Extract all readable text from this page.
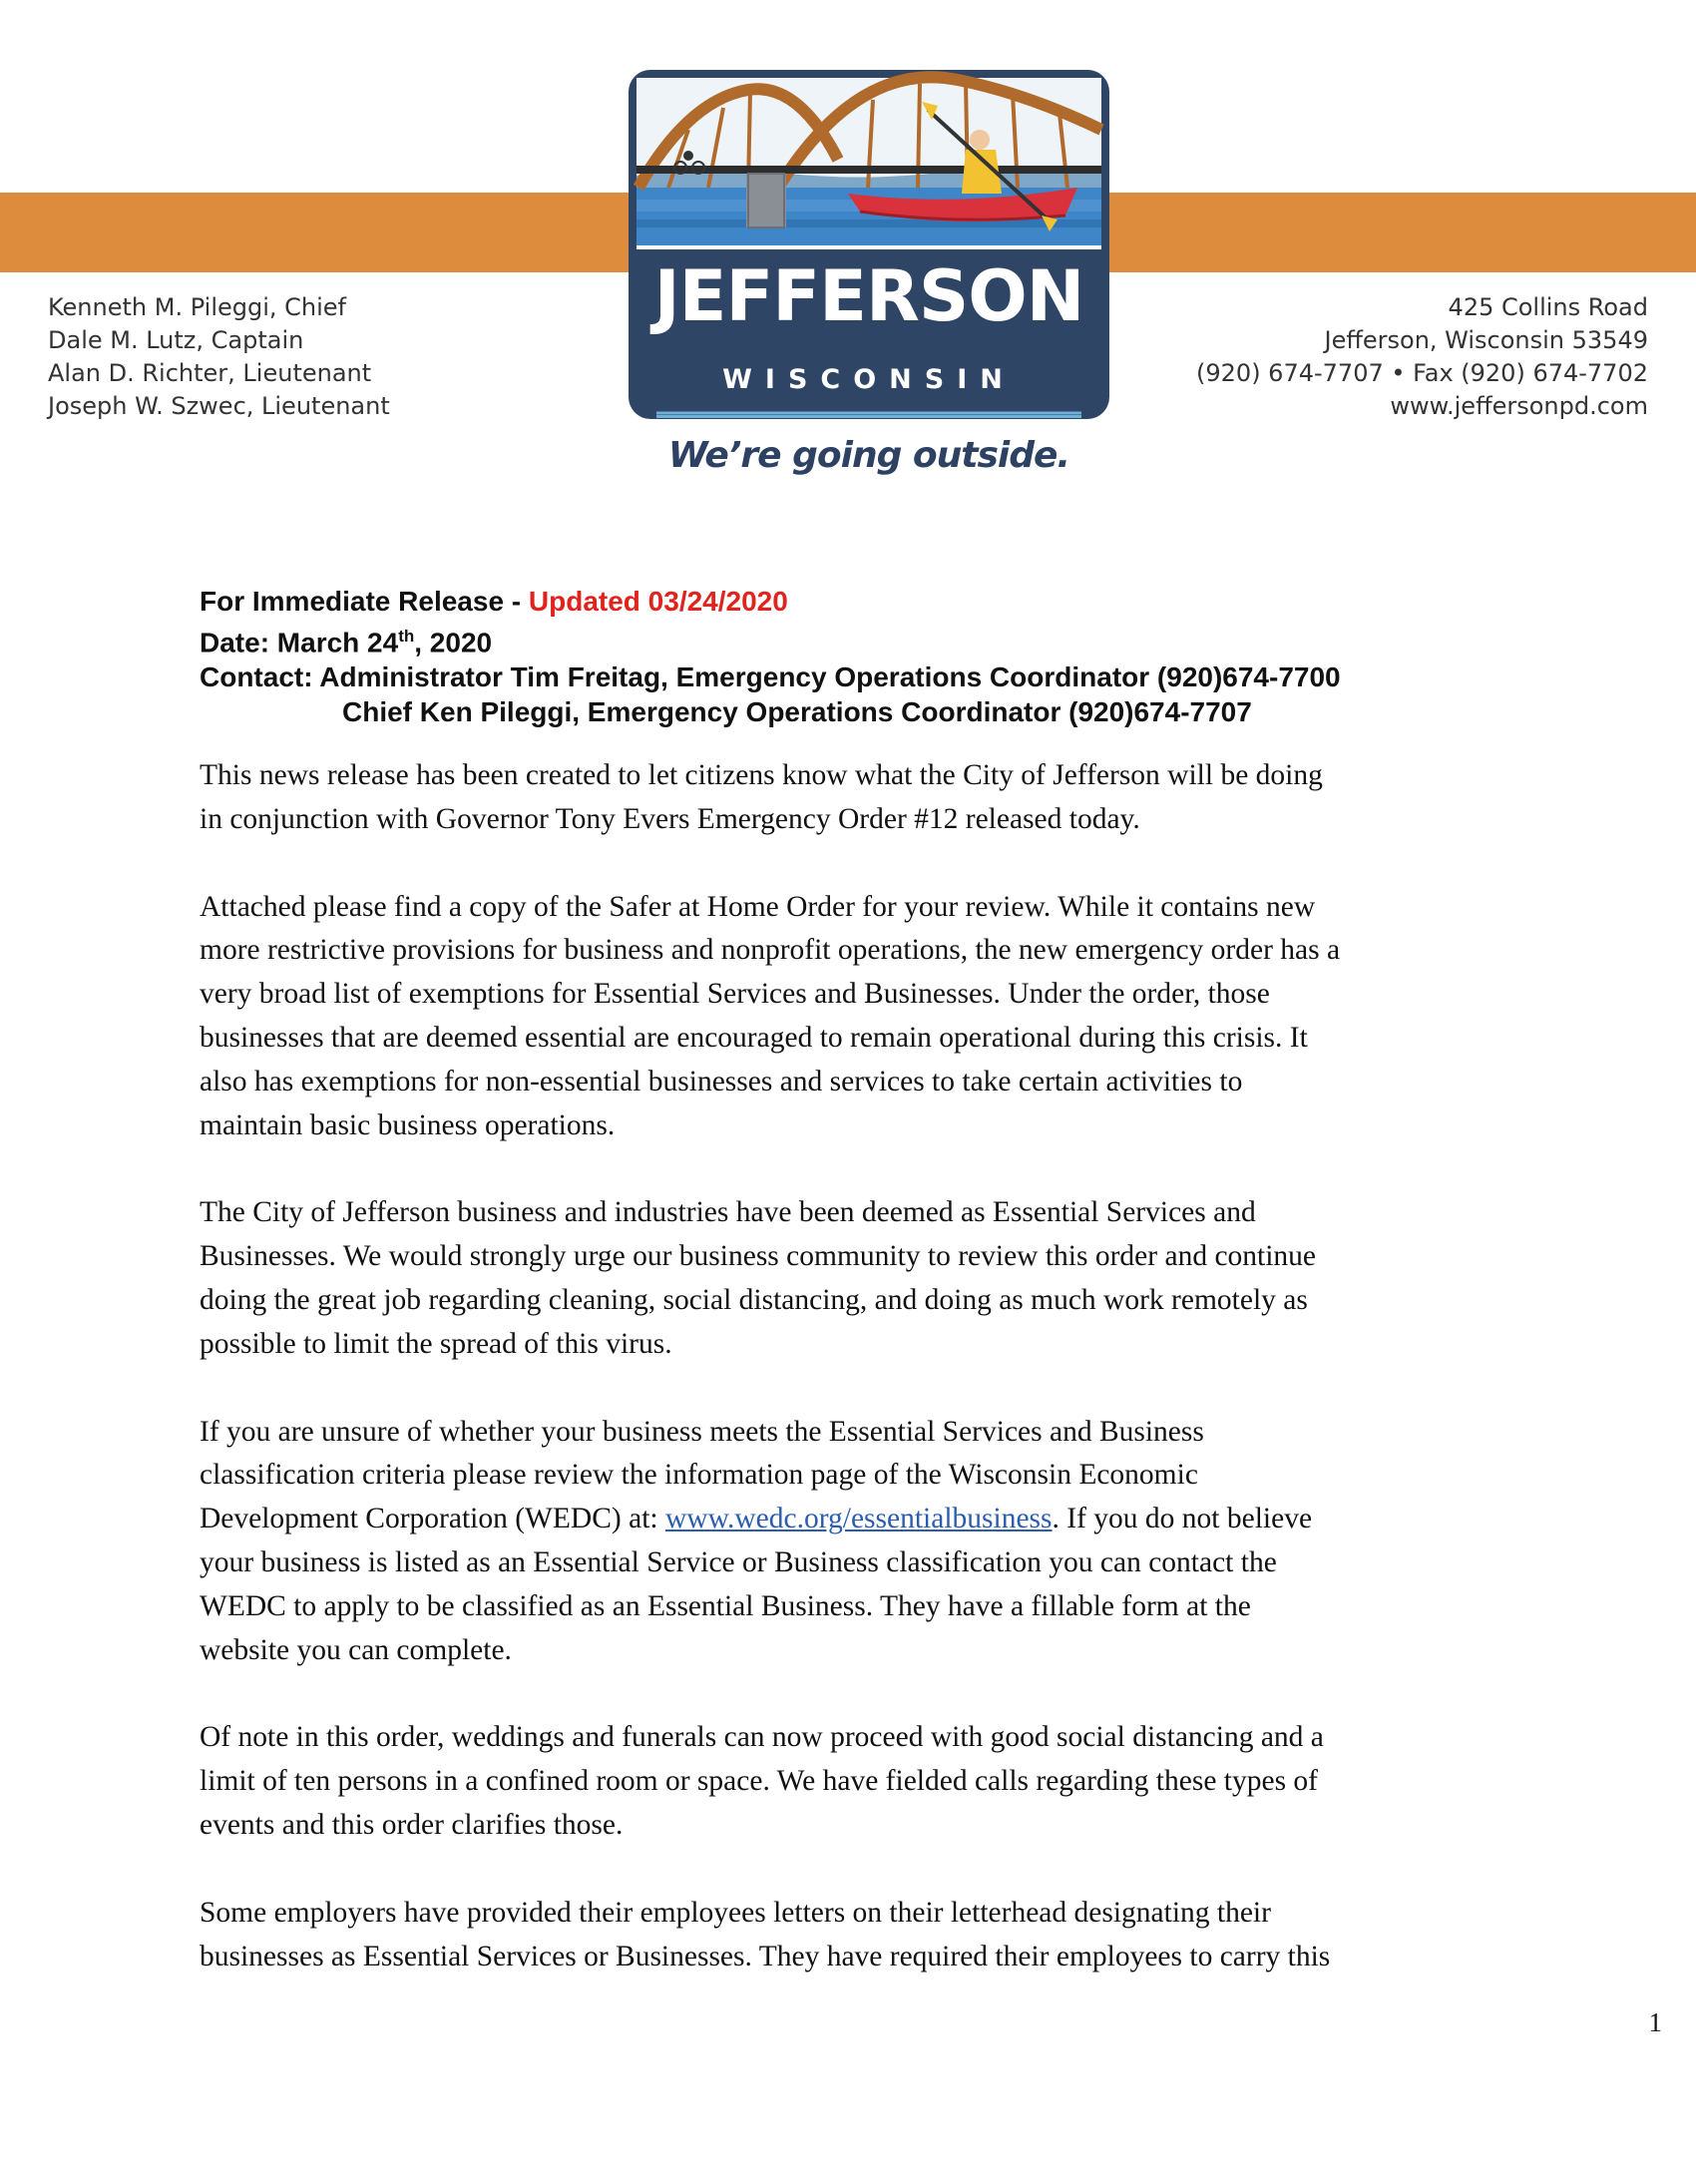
Kenneth M. Pileggi, Chief
Dale M. Lutz, Captain
Alan D. Richter, Lieutenant
Joseph W. Szwec, Lieutenant
425 Collins Road
Jefferson, Wisconsin 53549
(920) 674-7707 • Fax (920) 674-7702
www.jeffersonpd.com
JEFFERSON
WISCONSIN
We’re going outside.
For Immediate Release - Updated 03/24/2020
Date: March 24th, 2020
Contact: Administrator Tim Freitag, Emergency Operations Coordinator (920)674-7700
Chief Ken Pileggi, Emergency Operations Coordinator (920)674-7707

This news release has been created to let citizens know what the City of Jefferson will be doing
in conjunction with Governor Tony Evers Emergency Order #12 released today.

Attached please find a copy of the Safer at Home Order for your review. While it contains new
more restrictive provisions for business and nonprofit operations, the new emergency order has a
very broad list of exemptions for Essential Services and Businesses. Under the order, those
businesses that are deemed essential are encouraged to remain operational during this crisis. It
also has exemptions for non-essential businesses and services to take certain activities to
maintain basic business operations.

The City of Jefferson business and industries have been deemed as Essential Services and
Businesses. We would strongly urge our business community to review this order and continue
doing the great job regarding cleaning, social distancing, and doing as much work remotely as
possible to limit the spread of this virus.

If you are unsure of whether your business meets the Essential Services and Business
classification criteria please review the information page of the Wisconsin Economic
Development Corporation (WEDC) at: www.wedc.org/essentialbusiness. If you do not believe
your business is listed as an Essential Service or Business classification you can contact the
WEDC to apply to be classified as an Essential Business. They have a fillable form at the
website you can complete.

Of note in this order, weddings and funerals can now proceed with good social distancing and a
limit of ten persons in a confined room or space. We have fielded calls regarding these types of
events and this order clarifies those.

Some employers have provided their employees letters on their letterhead designating their
businesses as Essential Services or Businesses. They have required their employees to carry this

1
